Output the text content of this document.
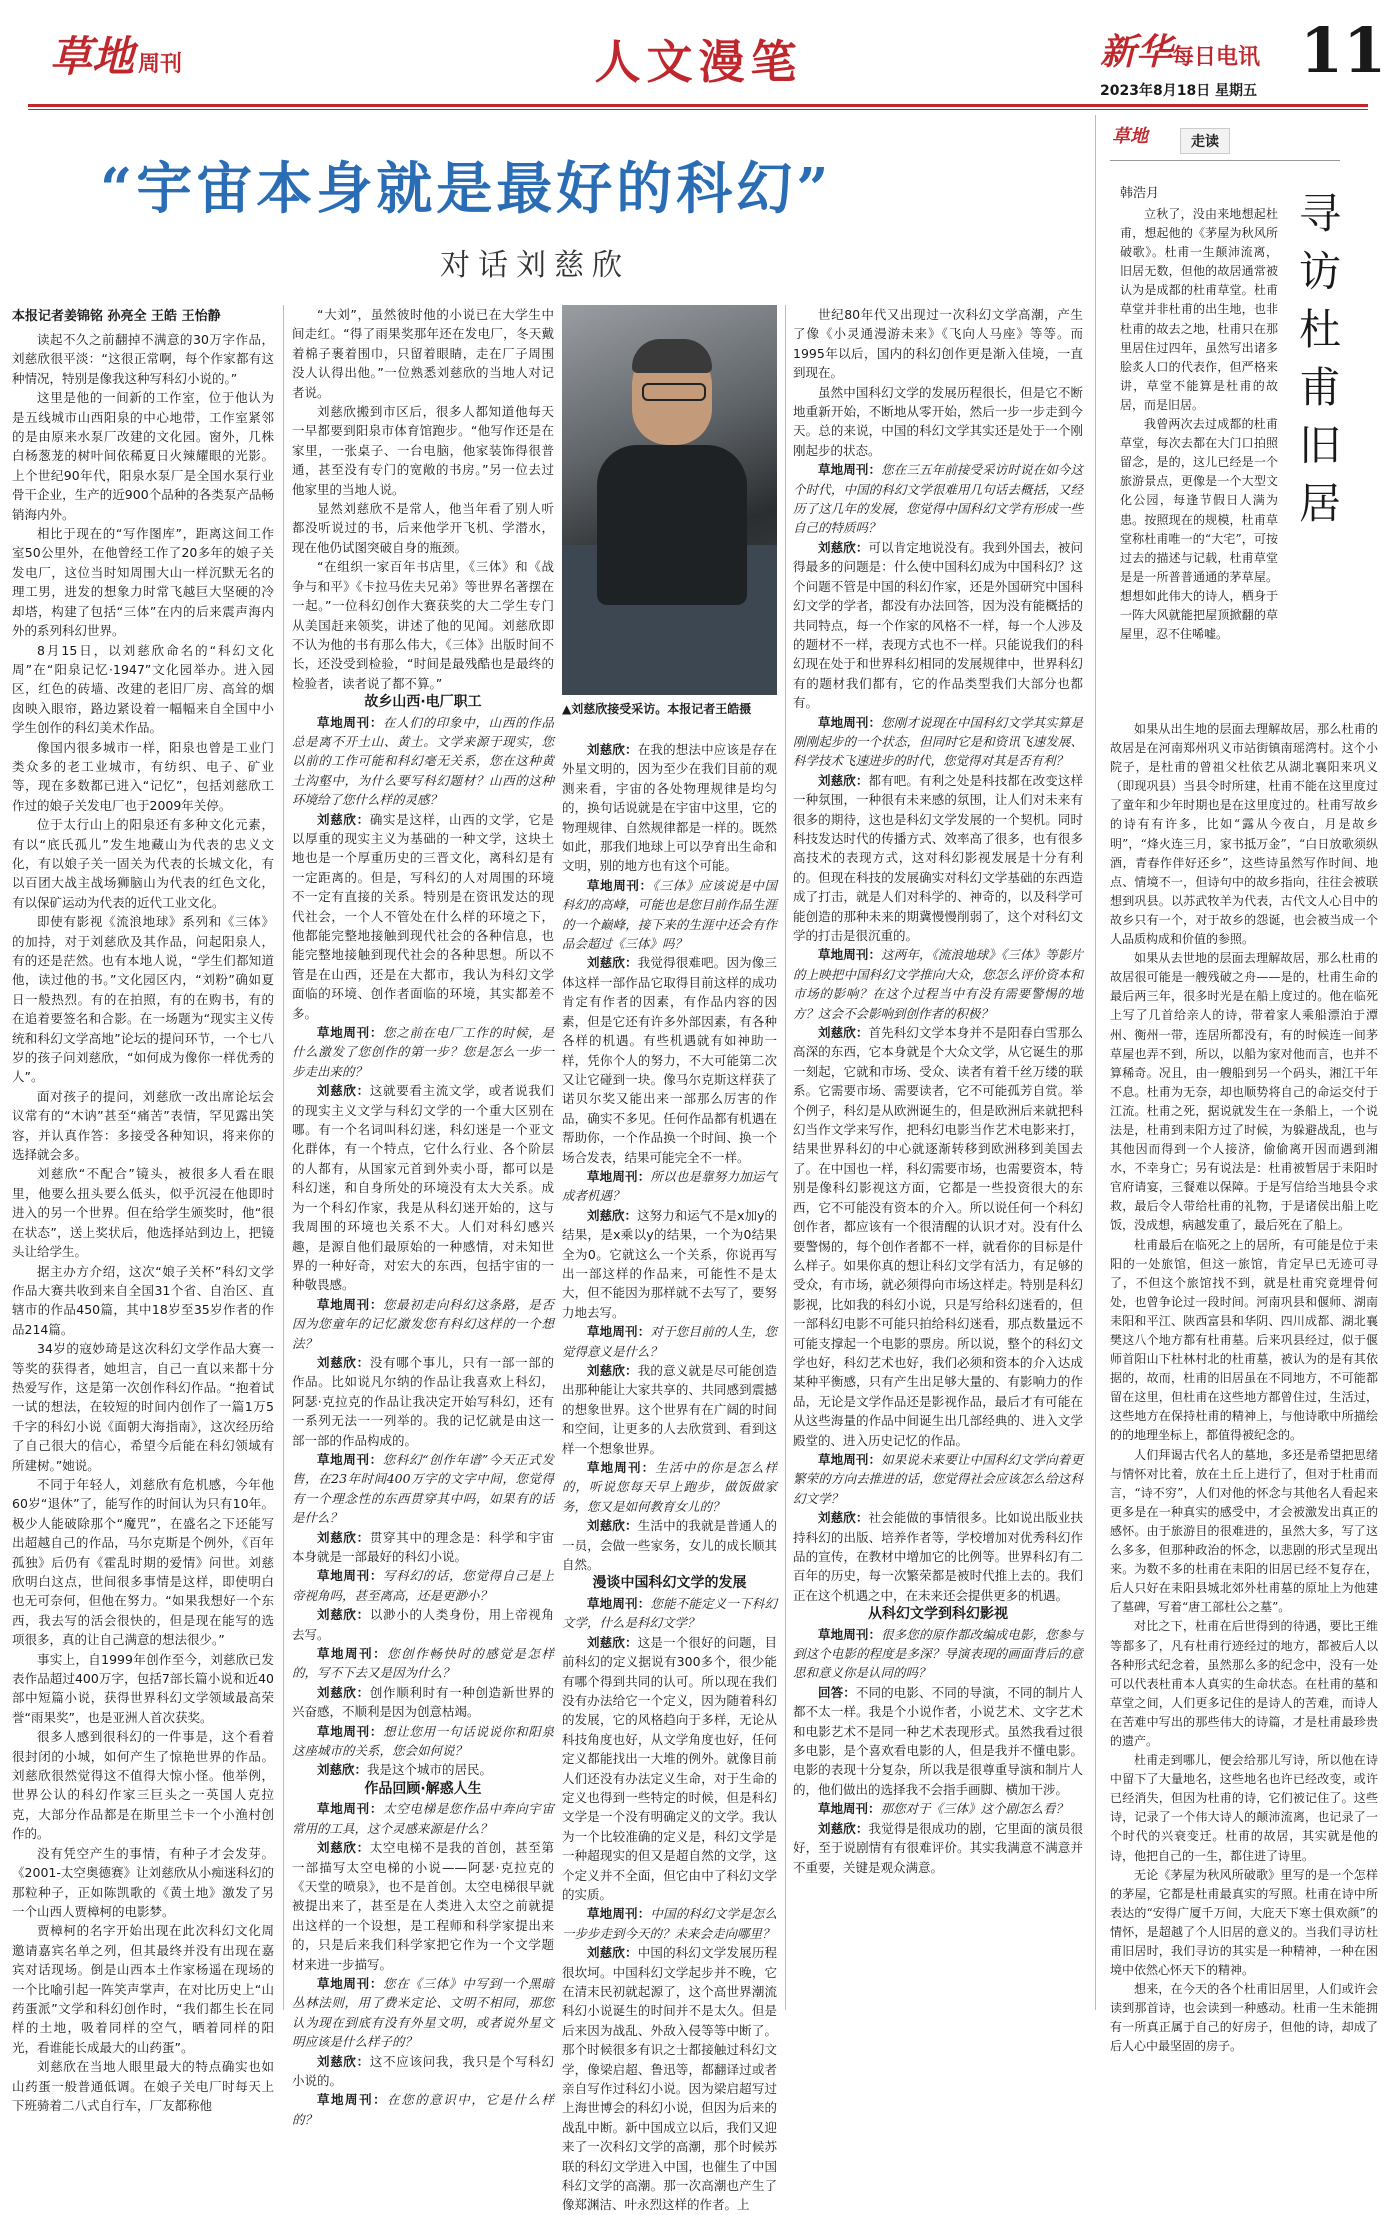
草地 周刊	人文漫笔	新华每日电讯 11
2023年8月18日 星期五
“宇宙本身就是最好的科幻”
对话刘慈欣
本报记者姜锦铭 孙亮全 王皓 王怡静

读起不久之前翻掉不满意的30万字作品，刘慈欣很平淡：“这很正常啊，每个作家都有这种情况，特别是像我这种写科幻小说的。”

这里是他的一间新的工作室，位于他认为是五线城市山西阳泉的中心地带，工作室紧邻的是由原来水泵厂改建的文化园。窗外，几株白杨葱茏的树叶间依稀夏日火辣耀眼的光影。上个世纪90年代，阳泉水泵厂是全国水泵行业骨干企业，生产的近900个品种的各类泵产品畅销海内外。

相比于现在的“写作图库”，距离这间工作室50公里外，在他曾经工作了20多年的娘子关发电厂，这位当时知周围大山一样沉默无名的理工男，进发的想象力时常飞越巨大坚硬的冷却塔，构建了包括“三体”在内的后来震声海内外的系列科幻世界。

8月15日，以刘慈欣命名的“科幻文化周”在“阳泉记忆·1947”文化园举办。进入园区，红色的砖墙、改建的老旧厂房、高耸的烟囱映入眼帘，路边紧设着一幅幅来自全国中小学生创作的科幻美术作品。

像国内很多城市一样，阳泉也曾是工业门类众多的老工业城市，有纺织、电子、矿业等，现在多数都已进入“记忆”，包括刘慈欣工作过的娘子关发电厂也于2009年关停。

位于太行山上的阳泉还有多种文化元素，有以“底氏孤儿”发生地藏山为代表的忠义文化，有以娘子关一固关为代表的长城文化，有以百团大战主战场狮脑山为代表的红色文化，有以保矿运动为代表的近代工业文化。

即使有影视《流浪地球》系列和《三体》的加持，对于刘慈欣及其作品，问起阳泉人，有的还是茫然。也有本地人说，“学生们都知道他，读过他的书。”文化园区内，“刘粉”确如夏日一般热烈。有的在拍照，有的在购书，有的在追着要签名和合影。在一场题为“现实主义传统和科幻文学高地”论坛的提问环节，一个七八岁的孩子问刘慈欣，“如何成为像你一样优秀的人”。

面对孩子的提问，刘慈欣一改出席论坛会议常有的“木讷”甚至“痛苦”表情，罕见露出笑容，并认真作答：多接受各种知识，将来你的选择就会多。

刘慈欣“不配合”镜头，被很多人看在眼里，他要么扭头要么低头，似乎沉浸在他即时进入的另一个世界。但在给学生颁奖时，他“很在状态”，送上奖状后，他选择站到边上，把镜头让给学生。

据主办方介绍，这次“娘子关杯”科幻文学作品大赛共收到来自全国31个省、自治区、直辖市的作品450篇，其中18岁至35岁作者的作品214篇。

34岁的寇妙琦是这次科幻文学作品大赛一等奖的获得者，她坦言，自己一直以来都十分热爱写作，这是第一次创作科幻作品。“抱着试一试的想法，在较短的时间内创作了一篇1万5千字的科幻小说《面朝大海指南》，这次经历给了自己很大的信心，希望今后能在科幻领域有所建树。”她说。

不同于年轻人，刘慈欣有危机感，今年他60岁“退休”了，能写作的时间认为只有10年。极少人能破除那个“魔咒”，在盛名之下还能写出超越自己的作品，马尔克斯是个例外，《百年孤独》后仍有《霍乱时期的爱情》问世。刘慈欣明白这点，世间很多事情是这样，即使明白也无可奈何，但他在努力。“如果我想好一个东西，我去写的活会很快的，但是现在能写的选项很多，真的让自己满意的想法很少。”

事实上，自1999年创作至今，刘慈欣已发表作品超过400万字，包括7部长篇小说和近40部中短篇小说，获得世界科幻文学领域最高荣誉“雨果奖”，也是亚洲人首次获奖。

很多人感到很科幻的一件事是，这个看着很封闭的小城，如何产生了惊艳世界的作品。刘慈欣很然觉得这不值得大惊小怪。他举例，世界公认的科幻作家三巨头之一英国人克拉克，大部分作品都是在斯里兰卡一个小渔村创作的。

没有凭空产生的事情，有种子才会发芽。《2001-太空奥德赛》让刘慈欣从小痴迷科幻的那粒种子，正如陈凯歌的《黄土地》激发了另一个山西人贾樟柯的电影梦。

贾樟柯的名字开始出现在此次科幻文化周邀请嘉宾名单之列，但其最终并没有出现在嘉宾对话现场。倒是山西本土作家杨遥在现场的一个比喻引起一阵笑声掌声，在对比历史上“山药蛋派”文学和科幻创作时，“我们都生长在同样的土地，吸着同样的空气，晒着同样的阳光，看谁能长成最大的山药蛋”。

刘慈欣在当地人眼里最大的特点确实也如山药蛋一般普通低调。在娘子关电厂时每天上下班骑着二八式自行车，厂友都称他

“大刘”，虽然彼时他的小说已在大学生中间走红。“得了雨果奖那年还在发电厂，冬天戴着棉子裹着围巾，只留着眼睛，走在厂子周围没人认得出他。”一位熟悉刘慈欣的当地人对记者说。

刘慈欣搬到市区后，很多人都知道他每天一早都要到阳泉市体育馆跑步。“他写作还是在家里，一张桌子、一台电脑，他家装饰得很普通，甚至没有专门的宽敞的书房。”另一位去过他家里的当地人说。

显然刘慈欣不是常人，他当年看了别人听都没听说过的书，后来他学开飞机、学潜水，现在他仍试图突破自身的瓶颈。

“在组织一家百年书店里，《三体》和《战争与和平》《卡拉马佐夫兄弟》等世界名著摆在一起。”一位科幻创作大赛获奖的大二学生专门从美国赶来领奖，讲述了他的见闻。刘慈欣即不认为他的书有那么伟大，《三体》出版时间不长，还没受到检验，“时间是最残酷也是最终的检验者，读者说了都不算。”

故乡山西·电厂职工

草地周刊：在人们的印象中，山西的作品总是离不开土山、黄土。文学来源于现实，您以前的工作可能和科幻毫无关系，您在这种黄土沟壑中，为什么要写科幻题材？山西的这种环境给了您什么样的灵感？

刘慈欣：确实是这样，山西的文学，它是以厚重的现实主义为基础的一种文学，这块土地也是一个厚重历史的三晋文化，离科幻是有一定距离的。但是，写科幻的人对周围的环境不一定有直接的关系。特别是在资讯发达的现代社会，一个人不管处在什么样的环境之下，他都能完整地接触到现代社会的各种信息，也能完整地接触到现代社会的各种思想。所以不管是在山西，还是在大都市，我认为科幻文学面临的环境、创作者面临的环境，其实都差不多。

草地周刊：您之前在电厂工作的时候，是什么激发了您创作的第一步？您是怎么一步一步走出来的？

刘慈欣：这就要看主流文学，或者说我们的现实主义文学与科幻文学的一个重大区别在哪。有一个名词叫科幻迷，科幻迷是一个亚文化群体，有一个特点，它什么行业、各个阶层的人都有，从国家元首到外卖小哥，都可以是科幻迷，和自身所处的环境没有太大关系。成为一个科幻作家，我是从科幻迷开始的，这与我周围的环境也关系不大。人们对科幻感兴趣，是源自他们最原始的一种感情，对未知世界的一种好奇，对宏大的东西，包括宇宙的一种敬畏感。

草地周刊：您最初走向科幻这条路，是否因为您童年的记忆激发您有科幻这样的一个想法？

刘慈欣：没有哪个事儿，只有一部一部的作品。比如说凡尔纳的作品让我喜欢上科幻，阿瑟·克拉克的作品让我决定开始写科幻，还有一系列无法一一列举的。我的记忆就是由这一部一部的作品构成的。

草地周刊：您科幻“创作年谱”今天正式发售，在23年时间400万字的文字中间，您觉得有一个理念性的东西贯穿其中吗，如果有的话是什么？

刘慈欣：贯穿其中的理念是：科学和宇宙本身就是一部最好的科幻小说。

草地周刊：写科幻的话，您觉得自己是上帝视角吗，甚至离高，还是更渺小？

刘慈欣：以渺小的人类身份，用上帝视角去写。

草地周刊：您创作畅快时的感觉是怎样的，写不下去又是因为什么？

刘慈欣：创作顺利时有一种创造新世界的兴奋感，不顺利是因为创意枯竭。

草地周刊：想让您用一句话说说你和阳泉这座城市的关系，您会如何说？

刘慈欣：我是这个城市的居民。

作品回顾·解惑人生

草地周刊：太空电梯是您作品中奔向宇宙常用的工具，这个灵感来源是什么？

刘慈欣：太空电梯不是我的首创，甚至第一部描写太空电梯的小说——阿瑟·克拉克的《天堂的喷泉》，也不是首创。太空电梯很早就被提出来了，甚至是在人类进入太空之前就提出这样的一个设想，是工程师和科学家提出来的，只是后来我们科学家把它作为一个文学题材来进一步描写。

草地周刊：您在《三体》中写到一个黑暗丛林法则，用了费米定论、文明不相同，那您认为现在到底有没有外星文明，或者说外星文明应该是什么样子的？

刘慈欣：这不应该问我，我只是个写科幻小说的。

草地周刊：在您的意识中，它是什么样的？

▲刘慈欣接受采访。本报记者王皓摄

刘慈欣：在我的想法中应该是存在外星文明的，因为至少在我们目前的观测来看，宇宙的各处物理规律是均匀的，换句话说就是在宇宙中这里，它的物理规律、自然规律都是一样的。既然如此，那我们地球上可以孕育出生命和文明，别的地方也有这个可能。

草地周刊：《三体》应该说是中国科幻的高峰，可能也是您目前作品生涯的一个巅峰，接下来的生涯中还会有作品会超过《三体》吗？

刘慈欣：我觉得很难吧。因为像三体这样一部作品它取得目前这样的成功肯定有作者的因素，有作品内容的因素，但是它还有许多外部因素，有各种各样的机遇。有些机遇就有如神助一样，凭你个人的努力，不大可能第二次又让它碰到一块。像马尔克斯这样获了诺贝尔奖又能出来一部那么厉害的作品，确实不多见。任何作品都有机遇在帮助你，一个作品换一个时间、换一个场合发表，结果可能完全不一样。

草地周刊：所以也是靠努力加运气成者机遇？

刘慈欣：这努力和运气不是x加y的结果，是x乘以y的结果，一个为0结果全为0。它就这么一个关系，你说再写出一部这样的作品来，可能性不是太大，但不能因为那样就不去写了，要努力地去写。

草地周刊：对于您目前的人生，您觉得意义是什么？

刘慈欣：我的意义就是尽可能创造出那种能让大家共享的、共同感到震撼的想象世界。这个世界有在广阔的时间和空间，让更多的人去欣赏到、看到这样一个想象世界。

草地周刊：生活中的你是怎么样的，听说您每天早上跑步，做饭做家务，您又是如何教育女儿的？

刘慈欣：生活中的我就是普通人的一员，会做一些家务，女儿的成长顺其自然。

漫谈中国科幻文学的发展

草地周刊：您能不能定义一下科幻文学，什么是科幻文学？

刘慈欣：这是一个很好的问题，目前科幻的定义据说有300多个，很少能有哪个得到共同的认可。所以现在我们没有办法给它一个定义，因为随着科幻的发展，它的风格趋向于多样，无论从科技角度也好，从文学角度也好，任何定义都能找出一大堆的例外。就像目前人们还没有办法定义生命，对于生命的定义也得到一些特定的时候，但是科幻文学是一个没有明确定义的文学。我认为一个比较准确的定义是，科幻文学是一种超现实的但又是超自然的文学，这个定义并不全面，但它由中了科幻文学的实质。

草地周刊：中国的科幻文学是怎么一步步走到今天的？未来会走向哪里？

刘慈欣：中国的科幻文学发展历程很坎坷。中国科幻文学起步并不晚，它在清末民初就起源了，这个高世界潮流科幻小说诞生的时间并不是太久。但是后来因为战乱、外敌入侵等等中断了。那个时候很多有识之士都接触过科幻文学，像梁启超、鲁迅等，都翻译过或者亲自写作过科幻小说。因为梁启超写过上海世博会的科幻小说，但因为后来的战乱中断。新中国成立以后，我们又迎来了一次科幻文学的高潮，那个时候苏联的科幻文学进入中国，也催生了中国科幻文学的高潮。那一次高潮也产生了像郑渊洁、叶永烈这样的作者。上

世纪80年代又出现过一次科幻文学高潮，产生了像《小灵通漫游未来》《飞向人马座》等等。而1995年以后，国内的科幻创作更是渐入佳境，一直到现在。

虽然中国科幻文学的发展历程很长，但是它不断地重新开始，不断地从零开始，然后一步一步走到今天。总的来说，中国的科幻文学其实还是处于一个刚刚起步的状态。

草地周刊：您在三五年前接受采访时说在如今这个时代，中国的科幻文学很难用几句话去概括，又经历了这几年的发展，您觉得中国科幻文学有形成一些自己的特质吗？

刘慈欣：可以肯定地说没有。我到外国去，被问得最多的问题是：什么使中国科幻成为中国科幻？这个问题不管是中国的科幻作家，还是外国研究中国科幻文学的学者，都没有办法回答，因为没有能概括的共同特点，每一个作家的风格不一样，每一个人涉及的题材不一样，表现方式也不一样。只能说我们的科幻现在处于和世界科幻相同的发展规律中，世界科幻有的题材我们都有，它的作品类型我们大部分也都有。

草地周刊：您刚才说现在中国科幻文学其实算是刚刚起步的一个状态，但同时它是和资讯飞速发展、科学技术飞速进步的时代，您觉得对其是否有利？

刘慈欣：都有吧。有利之处是科技都在改变这样一种氛围，一种很有未来感的氛围，让人们对未来有很多的期待，这也是科幻文学发展的一个契机。同时科技发达时代的传播方式、效率高了很多，也有很多高技术的表现方式，这对科幻影视发展是十分有利的。但现在科技的发展确实对科幻文学基础的东西造成了打击，就是人们对科学的、神奇的，以及科学可能创造的那种未来的期冀慢慢削弱了，这个对科幻文学的打击是很沉重的。

草地周刊：这两年，《流浪地球》《三体》等影片的上映把中国科幻文学推向大众，您怎么评价资本和市场的影响？在这个过程当中有没有需要警惕的地方？这会不会影响到创作者的积极？

刘慈欣：首先科幻文学本身并不是阳春白雪那么高深的东西，它本身就是个大众文学，从它诞生的那一刻起，它就和市场、受众、读者有着千丝万缕的联系。它需要市场、需要读者，它不可能孤芳自赏。举个例子，科幻是从欧洲诞生的，但是欧洲后来就把科幻当作文学来写作，把科幻电影当作艺术电影来打，结果世界科幻的中心就逐渐转移到欧洲移到美国去了。在中国也一样，科幻需要市场，也需要资本，特别是像科幻影视这方面，它都是一些投资很大的东西，它不可能没有资本的介入。所以说任何一个科幻创作者，都应该有一个很清醒的认识才对。没有什么要警惕的，每个创作者都不一样，就看你的目标是什么样子。如果你真的想让科幻文学有活力，有足够的受众，有市场，就必须得向市场这样走。特别是科幻影视，比如我的科幻小说，只是写给科幻迷看的，但一部科幻电影不可能只拍给科幻迷看，那点数量远不可能支撑起一个电影的票房。所以说，整个的科幻文学也好，科幻艺术也好，我们必须和资本的介入达成某种平衡感，只有产生出足够大量的、有影响力的作品，无论是文学作品还是影视作品，最后才有可能在从这些海量的作品中间诞生出几部经典的、进入文学殿堂的、进入历史记忆的作品。

草地周刊：如果说未来要让中国科幻文学向着更繁荣的方向去推进的话，您觉得社会应该怎么给这科幻文学？

刘慈欣：社会能做的事情很多。比如说出版业扶持科幻的出版、培养作者等，学校增加对优秀科幻作品的宣传，在教材中增加它的比例等。世界科幻有二百年的历史，每一次繁荣都是被时代推上去的。我们正在这个机遇之中，在未来还会提供更多的机遇。

从科幻文学到科幻影视

草地周刊：很多您的原作都改编成电影，您参与到这个电影的程度是多深？导演表现的画面背后的意思和意义你是认同的吗？

回答：不同的电影、不同的导演，不同的制片人都不太一样。我是个小说作者，小说艺术、文字艺术和电影艺术不是同一种艺术表现形式。虽然我看过很多电影，是个喜欢看电影的人，但是我并不懂电影。电影的表现十分复杂，所以我是很尊重导演和制片人的，他们做出的选择我不会指手画脚、横加干涉。

草地周刊：那您对于《三体》这个剧怎么看？

刘慈欣：我觉得是很成功的剧，它里面的演员很好，至于说剧情有有很难评价。其实我满意不满意并不重要，关键是观众满意。

草地	走读
韩浩月	寻
访
杜
甫
旧
居

立秋了，没由来地想起杜甫，想起他的《茅屋为秋风所破歌》。杜甫一生颠沛流离，旧居无数，但他的故居通常被认为是成都的杜甫草堂。杜甫草堂并非杜甫的出生地，也非杜甫的故去之地，杜甫只在那里居住过四年，虽然写出诸多脍炙人口的代表作，但严格来讲，草堂不能算是杜甫的故居，而是旧居。

我曾两次去过成都的杜甫草堂，每次去都在大门口拍照留念，是的，这儿已经是一个旅游景点，更像是一个大型文化公园，每逢节假日人满为患。按照现在的规模，杜甫草堂称杜甫唯一的“大宅”，可按过去的描述与记载，杜甫草堂是是一所普普通通的茅草屋。想想如此伟大的诗人，栖身于一阵大风就能把屋顶掀翻的草屋里，忍不住唏嘘。

如果从出生地的层面去理解故居，那么杜甫的故居是在河南郑州巩义市站街镇南瑶湾村。这个小院子，是杜甫的曾祖父杜依艺从湖北襄阳来巩义（即现巩县）当县令时所建，杜甫不能在这里度过了童年和少年时期也是在这里度过的。杜甫写故乡的诗有有许多，比如“露从今夜白，月是故乡明”，“烽火连三月，家书抵万金”，“白日放歌须纵酒，青春作伴好还乡”，这些诗虽然写作时间、地点、情境不一，但诗句中的故乡指向，往往会被联想到巩县。以苏武牧羊为代表，古代文人心目中的故乡只有一个，对于故乡的怨诞，也会被当成一个人品质构成和价值的参照。

如果从去世地的层面去理解故居，那么杜甫的故居很可能是一艘残破之舟——是的，杜甫生命的最后两三年，很多时光是在船上度过的。他在临死上写了几首给亲人的诗，带着家人乘船漂泊于潭州、衡州一带，连居所都没有，有的时候连一间茅草屋也弄不到，所以，以船为家对他而言，也并不算稀奇。况且，由一艘船到另一个码头，湘江干年不息。杜甫为无奈，却也顺势将自己的命运交付于江流。杜甫之死，据说就发生在一条船上，一个说法是，杜甫到耒阳方过了时候，为躲避战乱，也与其他因而得到一个人接济，偷偷离开因而遇到湘水，不幸身亡；另有说法是：杜甫被暂居于耒阳时官府请宴，三餐难以保障。于是写信给当地县令求救，最后令人带给杜甫的礼物，于是诸侯出船上吃饭，没成想，病越发重了，最后死在了船上。

杜甫最后在临死之上的居所，有可能是位于耒阳的一处旅馆，但这一旅馆，肯定早已无迹可寻了，不但这个旅馆找不到，就是杜甫究竟埋骨何处，也曾争论过一段时间。河南巩县和偃师、湖南耒阳和平江、陕西富县和华阴、四川成都、湖北襄樊这八个地方都有杜甫墓。后来巩县经过，似于偃师首阳山下杜林村北的杜甫墓，被认为的是有其依据的，故而，杜甫的旧居虽在不同地方，不可能都留在这里，但杜甫在这些地方都曾住过，生活过，这些地方在保持杜甫的精神上，与他诗歌中所描绘的的地理坐标上，都值得被纪念的。

人们拜谒古代名人的墓地，多还是希望把思绪与情怀对比着，放在土丘上进行了，但对于杜甫而言，“诗不穷”，人们对他的怀念与其他名人看起来更多是在一种真实的感受中，才会被激发出真正的感怀。由于旅游目的很难进的，虽然大多，写了这么多多，但那种政治的怀念，以悲剧的形式呈现出来。为数不多的杜甫在耒阳的旧居已经不复存在，后人只好在耒阳县城北郊外杜甫墓的原址上为他建了墓碑，写着“唐工部杜公之墓”。

对比之下，杜甫在后世得到的待遇，要比王维等都多了，凡有杜甫行迹经过的地方，都被后人以各种形式纪念着，虽然那么多的纪念中，没有一处可以代表杜甫本人真实的生命状态。在杜甫的墓和草堂之间，人们更多记住的是诗人的苦难，而诗人在苦难中写出的那些伟大的诗篇，才是杜甫最珍贵的遗产。

杜甫走到哪儿，便会给那儿写诗，所以他在诗中留下了大量地名，这些地名也许已经改变，或许已经消失，但因为杜甫的诗，它们被记住了。这些诗，记录了一个伟大诗人的颠沛流离，也记录了一个时代的兴衰变迁。杜甫的故居，其实就是他的诗，他把自己的一生，都住进了诗里。

无论《茅屋为秋风所破歌》里写的是一个怎样的茅屋，它都是杜甫最真实的写照。杜甫在诗中所表达的“安得广厦千万间，大庇天下寒士俱欢颜”的情怀，是超越了个人旧居的意义的。当我们寻访杜甫旧居时，我们寻访的其实是一种精神，一种在困境中依然心怀天下的精神。

想来，在今天的各个杜甫旧居里，人们或许会读到那首诗，也会读到一种感动。杜甫一生未能拥有一所真正属于自己的好房子，但他的诗，却成了后人心中最坚固的房子。
